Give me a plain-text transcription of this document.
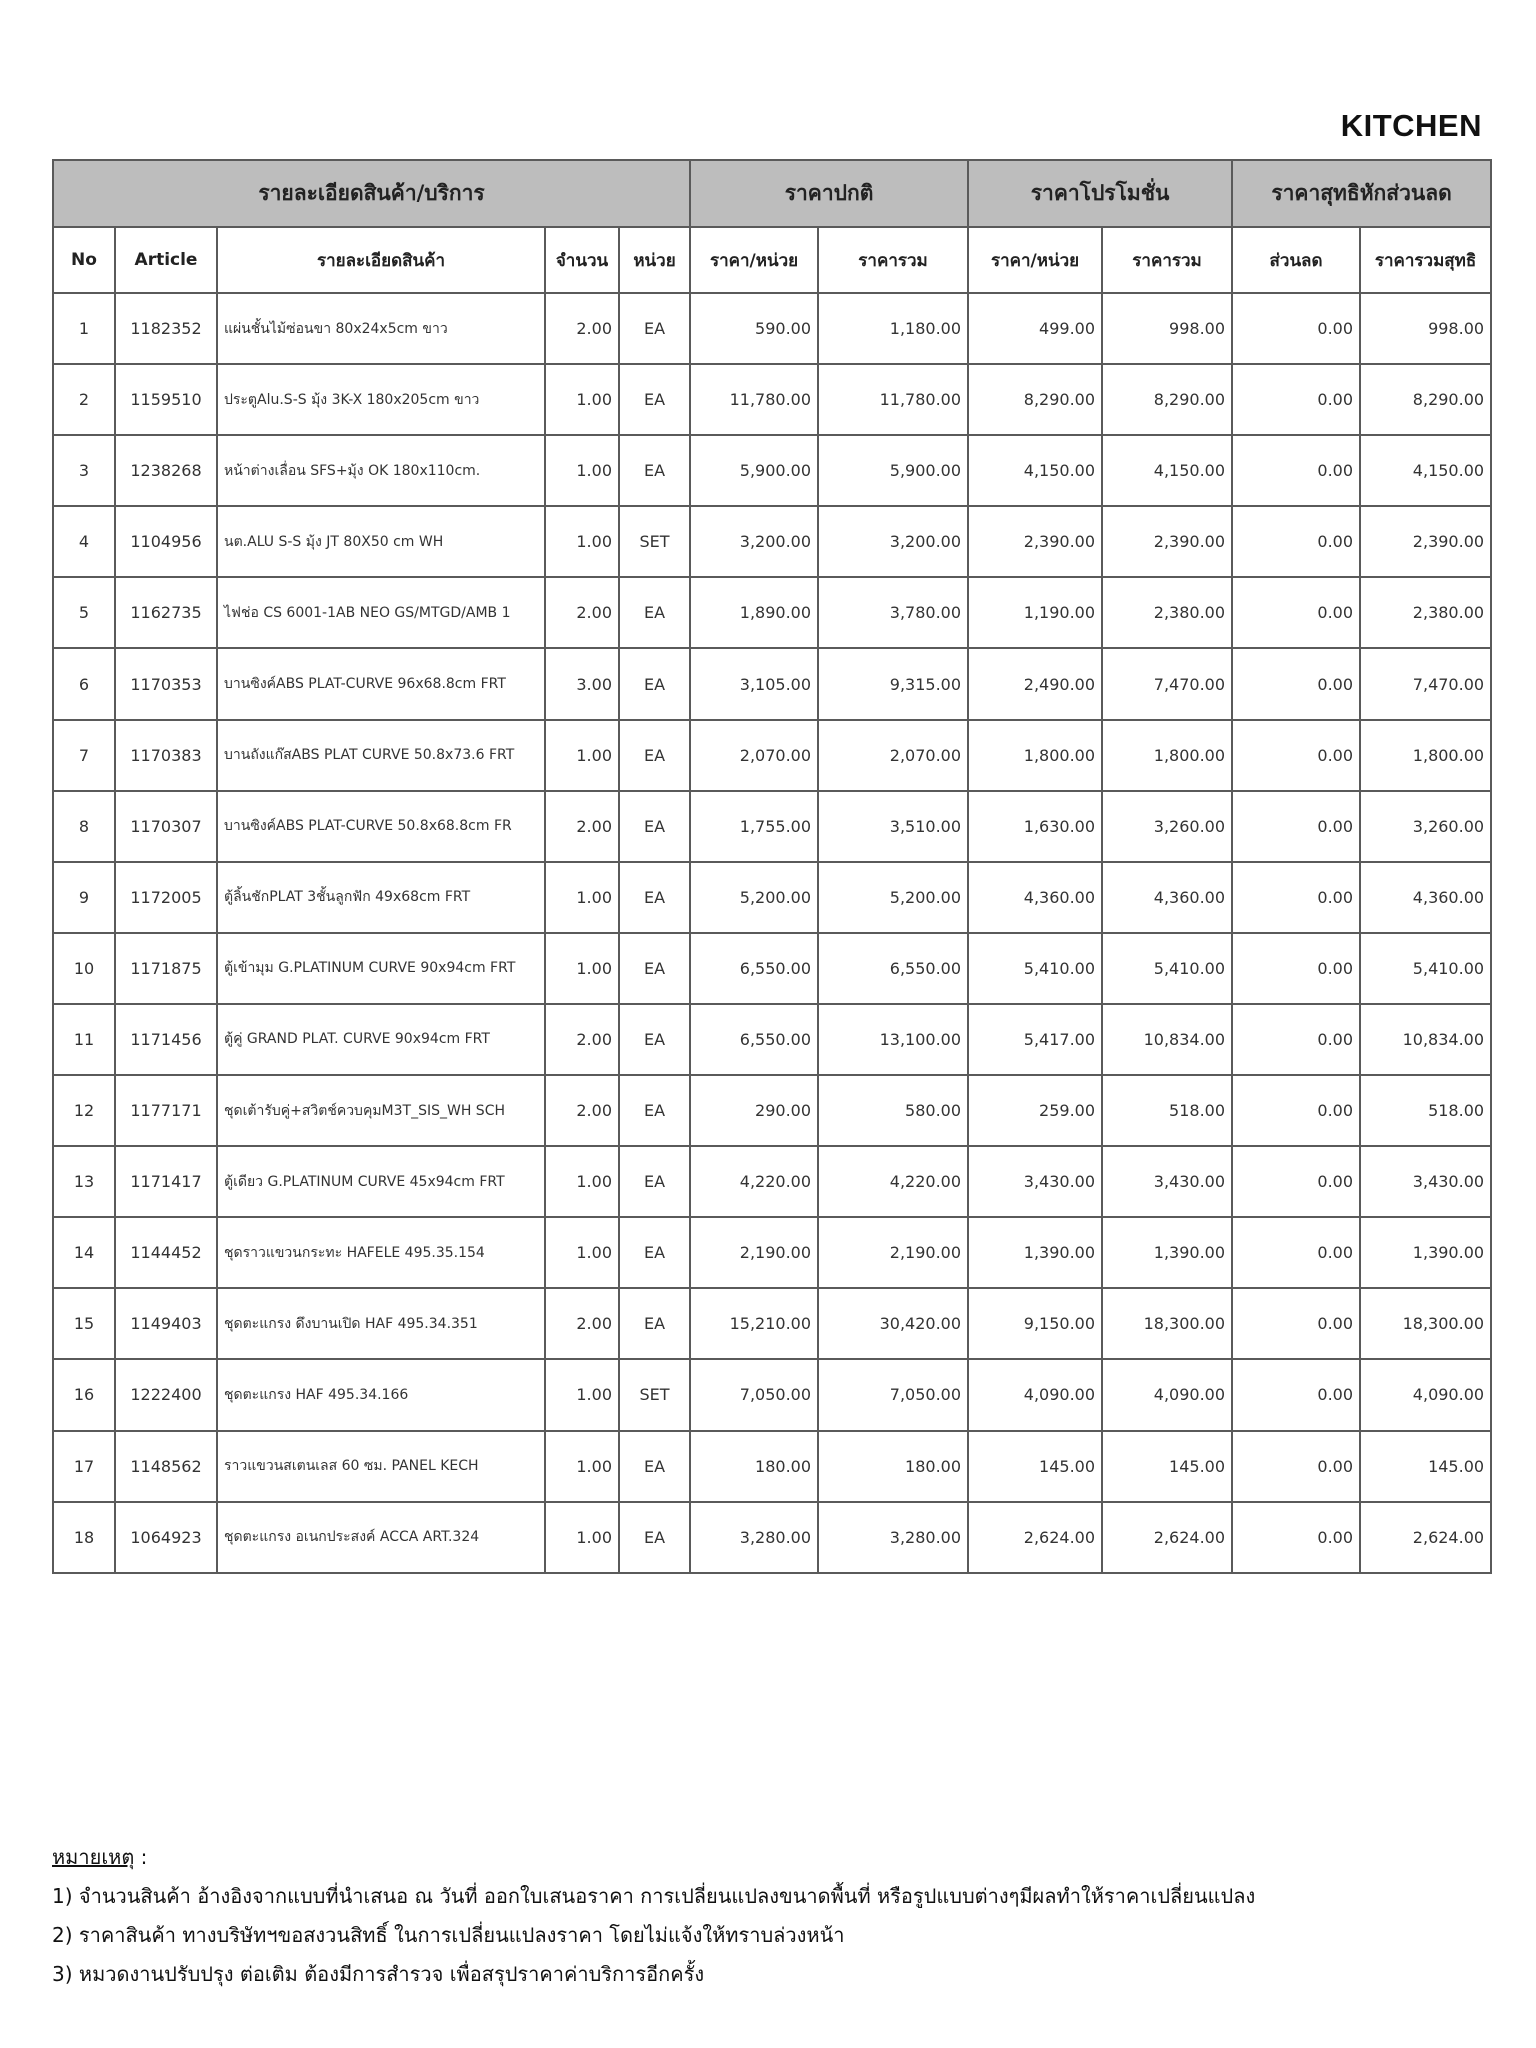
KITCHEN
รายละเอียดสินค้า/บริการ					ราคาปกติ		ราคาโปรโมชั่น		ราคาสุทธิหักส่วนลด	
No	Article	รายละเอียดสินค้า	จำนวน	หน่วย	ราคา/หน่วย	ราคารวม	ราคา/หน่วย	ราคารวม	ส่วนลด	ราคารวมสุทธิ
1	1182352	แผ่นชั้นไม้ซ่อนขา 80x24x5cm ขาว	2.00	EA	590.00	1,180.00	499.00	998.00	0.00	998.00
2	1159510	ประตูAlu.S-S มุ้ง 3K-X 180x205cm ขาว	1.00	EA	11,780.00	11,780.00	8,290.00	8,290.00	0.00	8,290.00
3	1238268	หน้าต่างเลื่อน SFS+มุ้ง OK 180x110cm.	1.00	EA	5,900.00	5,900.00	4,150.00	4,150.00	0.00	4,150.00
4	1104956	นต.ALU S-S มุ้ง JT 80X50 cm WH	1.00	SET	3,200.00	3,200.00	2,390.00	2,390.00	0.00	2,390.00
5	1162735	ไฟช่อ CS 6001-1AB NEO GS/MTGD/AMB 1	2.00	EA	1,890.00	3,780.00	1,190.00	2,380.00	0.00	2,380.00
6	1170353	บานซิงค์ABS PLAT-CURVE 96x68.8cm FRT	3.00	EA	3,105.00	9,315.00	2,490.00	7,470.00	0.00	7,470.00
7	1170383	บานถังแก๊สABS PLAT CURVE 50.8x73.6 FRT	1.00	EA	2,070.00	2,070.00	1,800.00	1,800.00	0.00	1,800.00
8	1170307	บานซิงค์ABS PLAT-CURVE 50.8x68.8cm FR	2.00	EA	1,755.00	3,510.00	1,630.00	3,260.00	0.00	3,260.00
9	1172005	ตู้ลิ้นชักPLAT 3ชั้นลูกฟัก 49x68cm FRT	1.00	EA	5,200.00	5,200.00	4,360.00	4,360.00	0.00	4,360.00
10	1171875	ตู้เข้ามุม G.PLATINUM CURVE 90x94cm FRT	1.00	EA	6,550.00	6,550.00	5,410.00	5,410.00	0.00	5,410.00
11	1171456	ตู้คู่ GRAND PLAT. CURVE 90x94cm FRT	2.00	EA	6,550.00	13,100.00	5,417.00	10,834.00	0.00	10,834.00
12	1177171	ชุดเต้ารับคู่+สวิตช์ควบคุมM3T_SIS_WH SCH	2.00	EA	290.00	580.00	259.00	518.00	0.00	518.00
13	1171417	ตู้เดียว G.PLATINUM CURVE 45x94cm FRT	1.00	EA	4,220.00	4,220.00	3,430.00	3,430.00	0.00	3,430.00
14	1144452	ชุดราวแขวนกระทะ HAFELE 495.35.154	1.00	EA	2,190.00	2,190.00	1,390.00	1,390.00	0.00	1,390.00
15	1149403	ชุดตะแกรง ดึงบานเปิด HAF 495.34.351	2.00	EA	15,210.00	30,420.00	9,150.00	18,300.00	0.00	18,300.00
16	1222400	ชุดตะแกรง HAF 495.34.166	1.00	SET	7,050.00	7,050.00	4,090.00	4,090.00	0.00	4,090.00
17	1148562	ราวแขวนสเตนเลส 60 ซม. PANEL KECH	1.00	EA	180.00	180.00	145.00	145.00	0.00	145.00
18	1064923	ชุดตะแกรง อเนกประสงค์ ACCA ART.324	1.00	EA	3,280.00	3,280.00	2,624.00	2,624.00	0.00	2,624.00
หมายเหตุ :
1) จำนวนสินค้า อ้างอิงจากแบบที่นำเสนอ ณ วันที่ ออกใบเสนอราคา การเปลี่ยนแปลงขนาดพื้นที่ หรือรูปแบบต่างๆมีผลทำให้ราคาเปลี่ยนแปลง
2) ราคาสินค้า ทางบริษัทฯขอสงวนสิทธิ์ ในการเปลี่ยนแปลงราคา โดยไม่แจ้งให้ทราบล่วงหน้า
3) หมวดงานปรับปรุง ต่อเติม ต้องมีการสำรวจ เพื่อสรุปราคาค่าบริการอีกครั้ง
